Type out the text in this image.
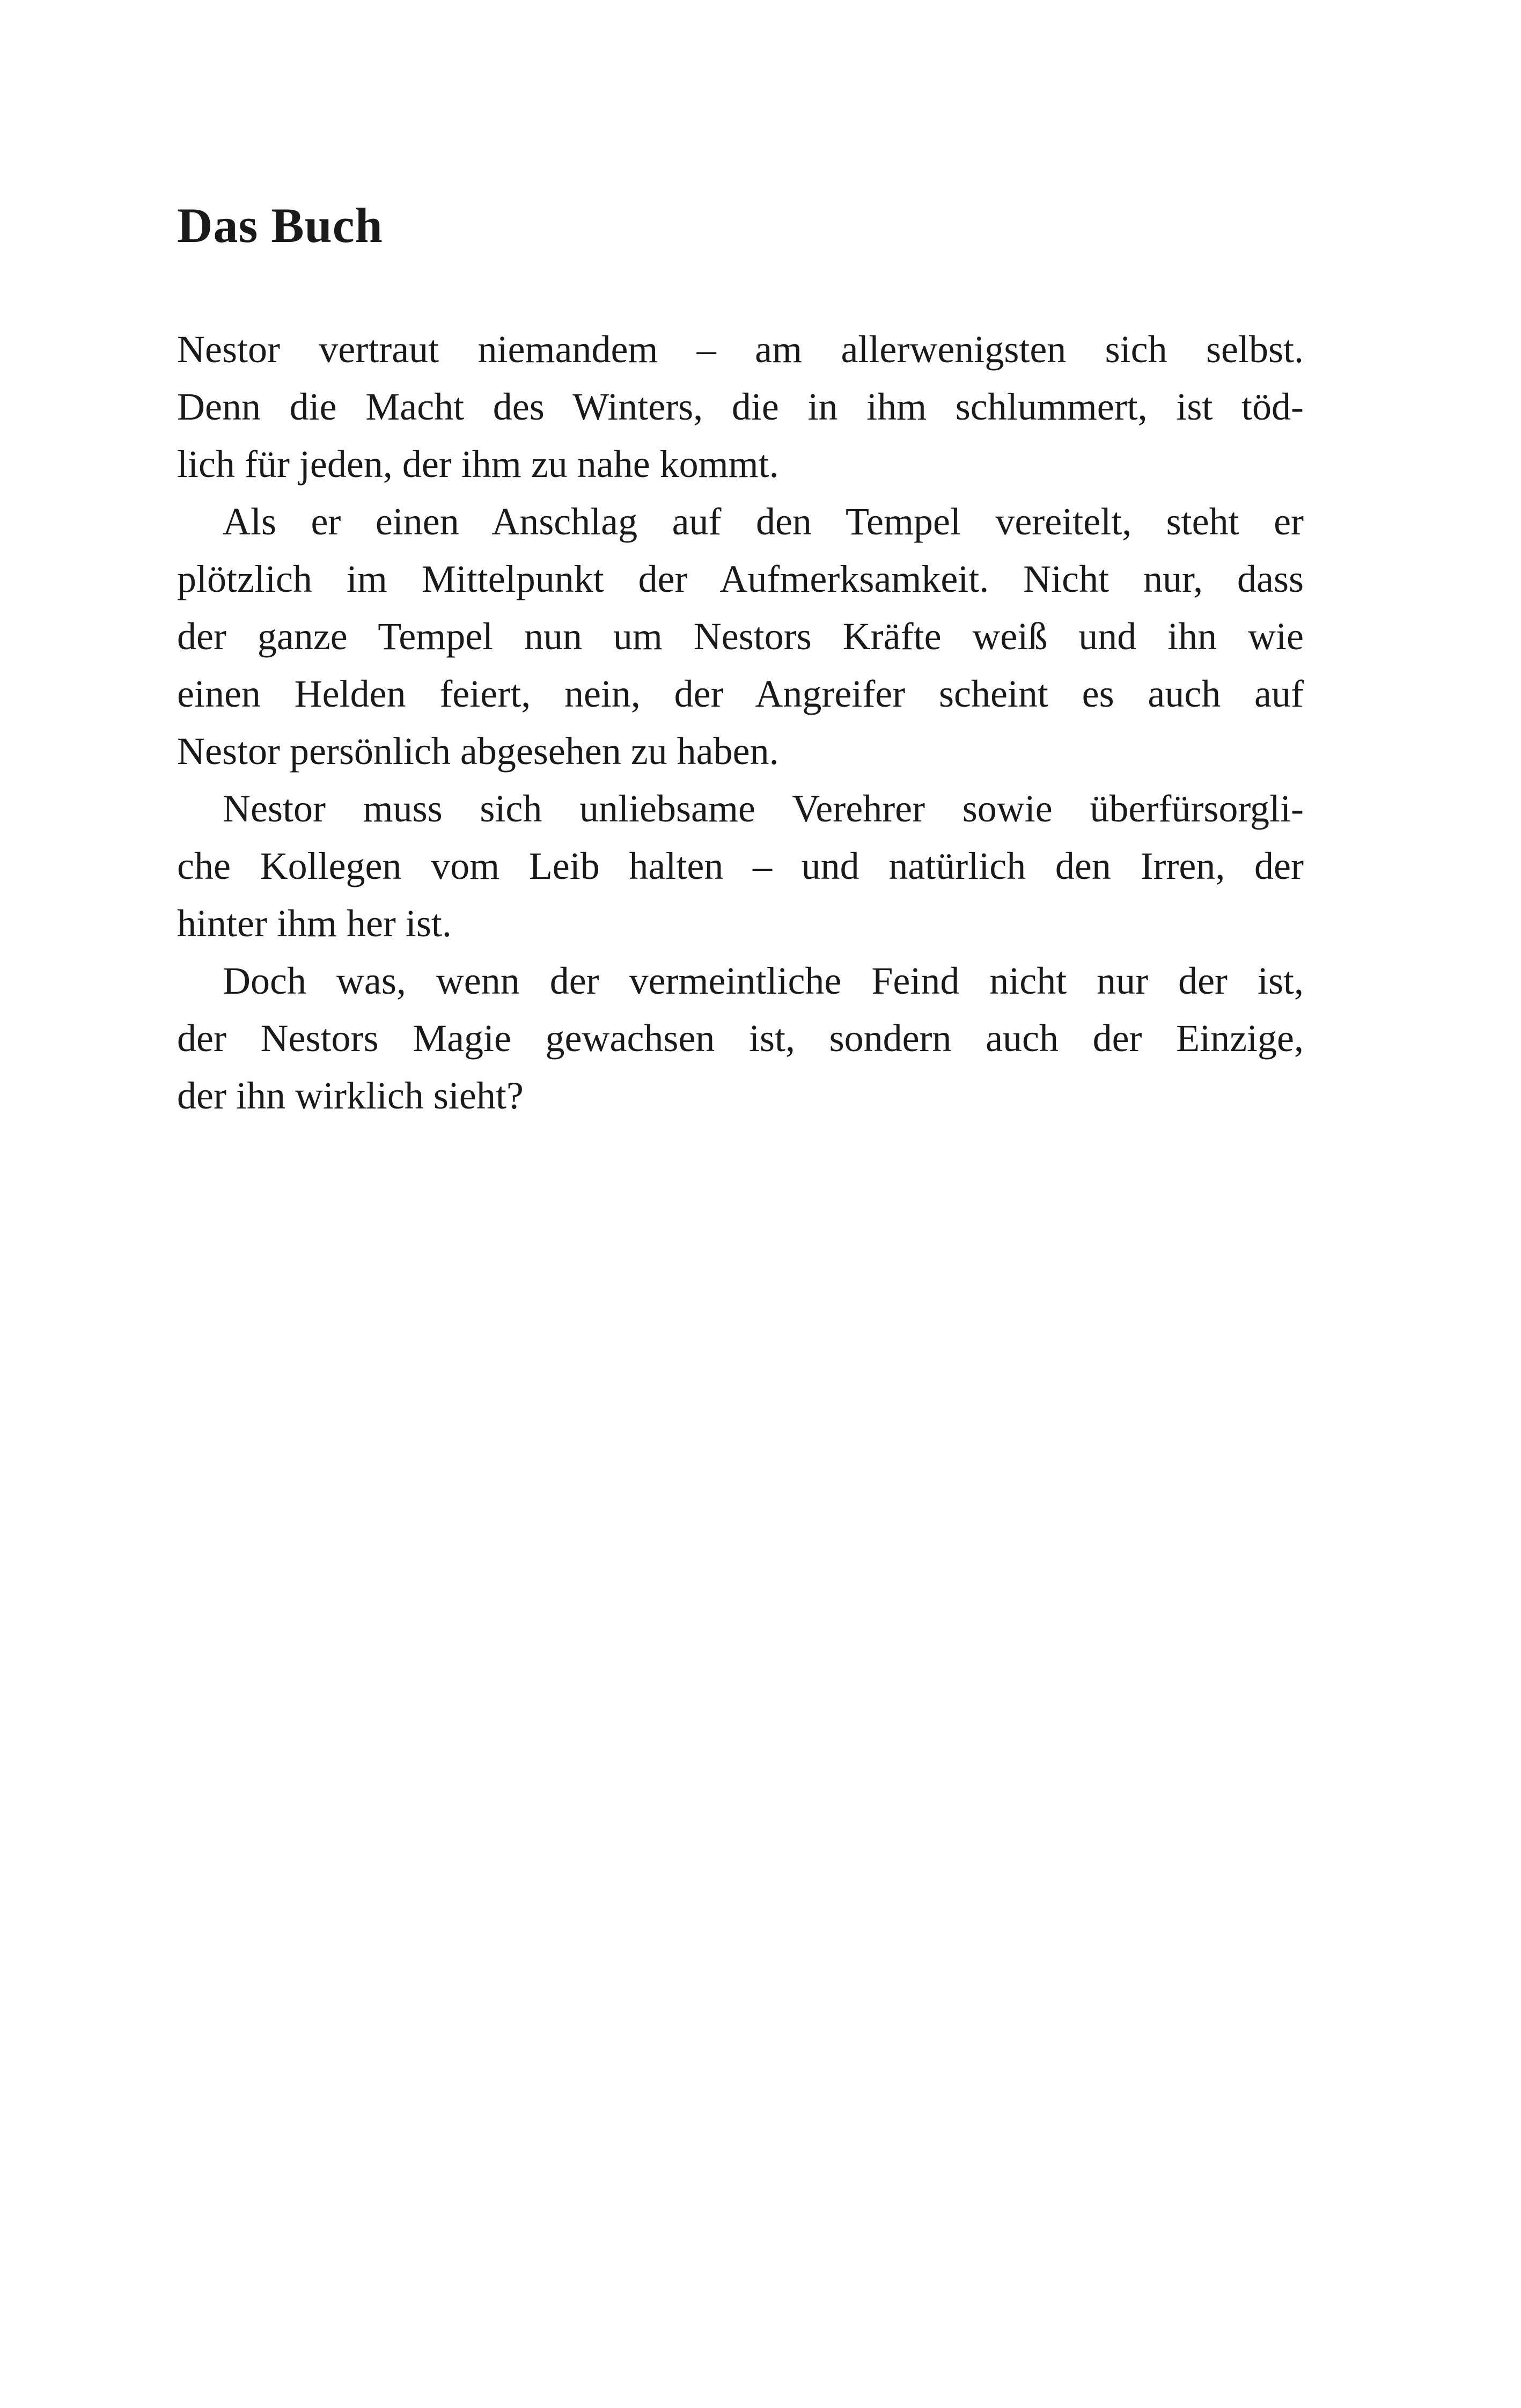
Das Buch
Nestor vertraut niemandem – am allerwenigsten sich selbst.
Denn die Macht des Winters, die in ihm schlummert, ist töd-
lich für jeden, der ihm zu nahe kommt.
Als er einen Anschlag auf den Tempel vereitelt, steht er
plötzlich im Mittelpunkt der Aufmerksamkeit. Nicht nur, dass
der ganze Tempel nun um Nestors Kräfte weiß und ihn wie
einen Helden feiert, nein, der Angreifer scheint es auch auf
Nestor persönlich abgesehen zu haben.
Nestor muss sich unliebsame Verehrer sowie überfürsorgli-
che Kollegen vom Leib halten – und natürlich den Irren, der
hinter ihm her ist.
Doch was, wenn der vermeintliche Feind nicht nur der ist,
der Nestors Magie gewachsen ist, sondern auch der Einzige,
der ihn wirklich sieht?
